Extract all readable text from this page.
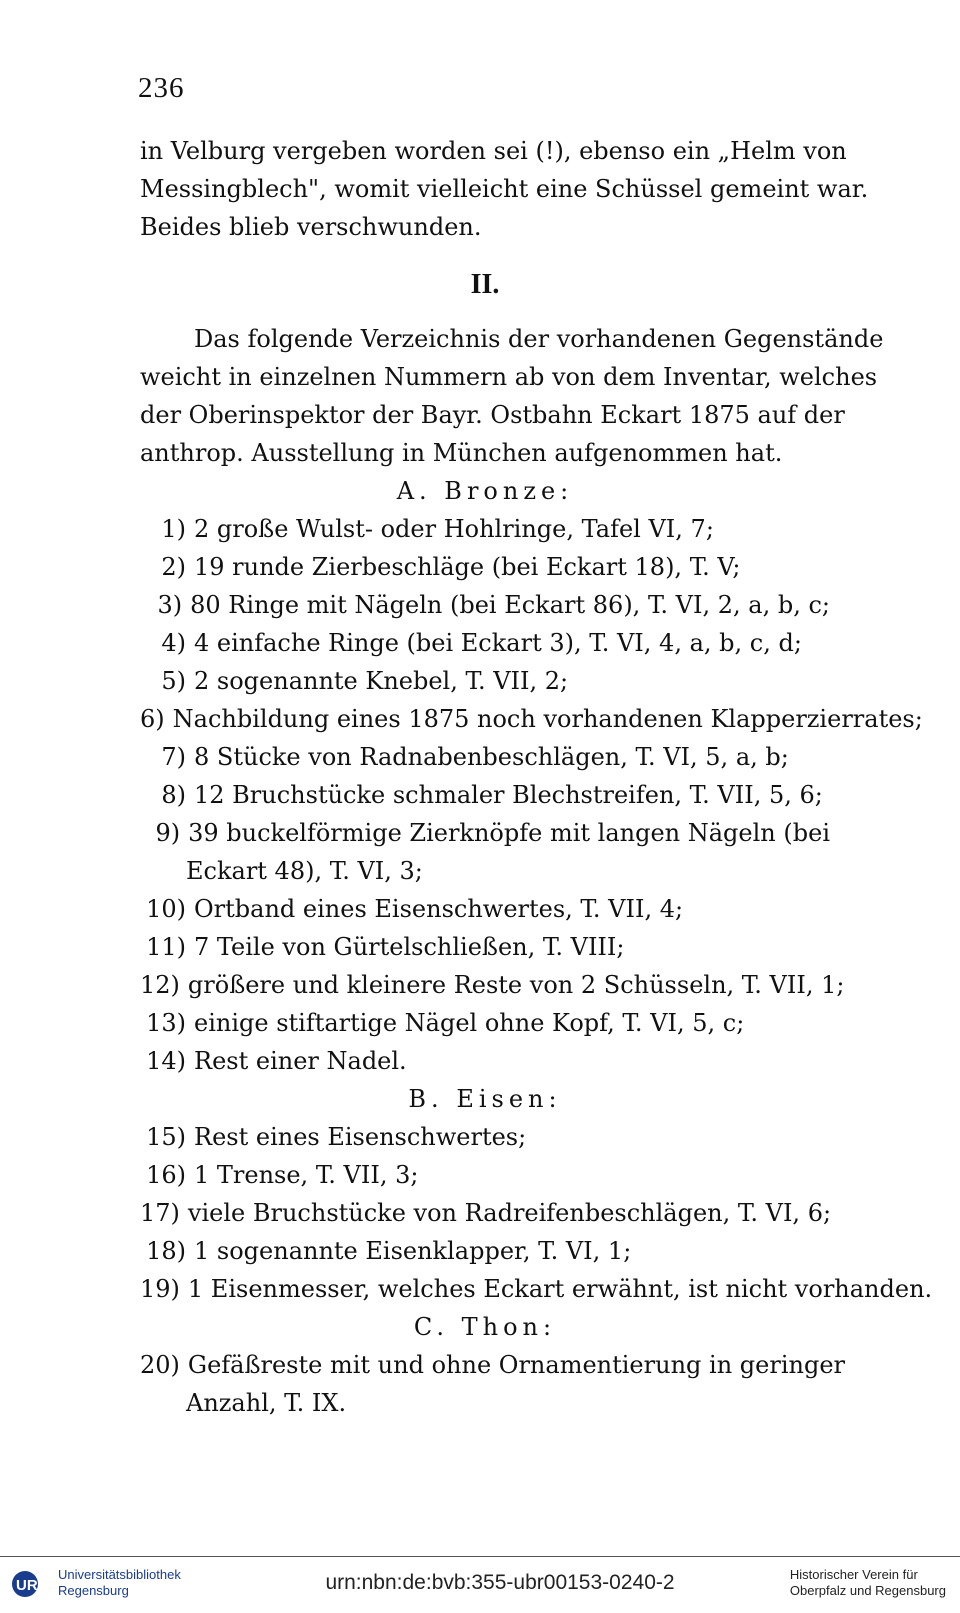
236
in Velburg vergeben worden sei (!), ebenso ein „Helm von
Messingblech", womit vielleicht eine Schüssel gemeint war.
Beides blieb verschwunden.
II.
Das folgende Verzeichnis der vorhandenen Gegenstände
weicht in einzelnen Nummern ab von dem Inventar, welches
der Oberinspektor der Bayr. Ostbahn Eckart 1875 auf der
anthrop. Ausstellung in München aufgenommen hat.
A. Bronze:
1) 2 große Wulst- oder Hohlringe, Tafel VI, 7;
2) 19 runde Zierbeschläge (bei Eckart 18), T. V;
3) 80 Ringe mit Nägeln (bei Eckart 86), T. VI, 2, a, b, c;
4) 4 einfache Ringe (bei Eckart 3), T. VI, 4, a, b, c, d;
5) 2 sogenannte Knebel, T. VII, 2;
6) Nachbildung eines 1875 noch vorhandenen Klapperzierrates;
7) 8 Stücke von Radnabenbeschlägen, T. VI, 5, a, b;
8) 12 Bruchstücke schmaler Blechstreifen, T. VII, 5, 6;
9) 39 buckelförmige Zierknöpfe mit langen Nägeln (bei
Eckart 48), T. VI, 3;
10) Ortband eines Eisenschwertes, T. VII, 4;
11) 7 Teile von Gürtelschließen, T. VIII;
12) größere und kleinere Reste von 2 Schüsseln, T. VII, 1;
13) einige stiftartige Nägel ohne Kopf, T. VI, 5, c;
14) Rest einer Nadel.
B. Eisen:
15) Rest eines Eisenschwertes;
16) 1 Trense, T. VII, 3;
17) viele Bruchstücke von Radreifenbeschlägen, T. VI, 6;
18) 1 sogenannte Eisenklapper, T. VI, 1;
19) 1 Eisenmesser, welches Eckart erwähnt, ist nicht vorhanden.
C. Thon:
20) Gefäßreste mit und ohne Ornamentierung in geringer
Anzahl, T. IX.
UR
Universitätsbibliothek
Regensburg	urn:nbn:de:bvb:355-ubr00153-0240-2	Historischer Verein für
Oberpfalz und Regensburg
